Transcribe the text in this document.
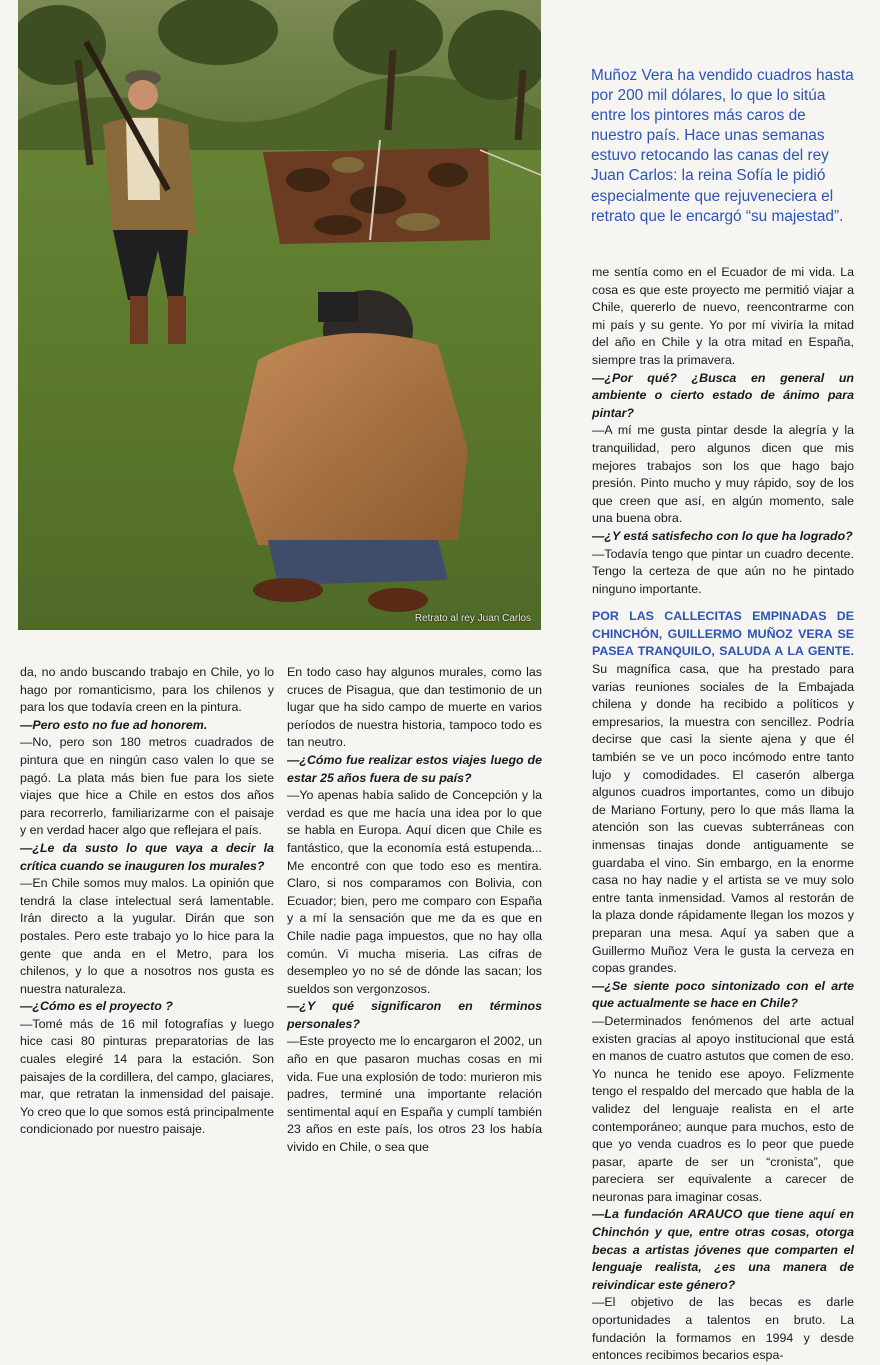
Retrato al rey Juan Carlos
Muñoz Vera ha vendido cuadros hasta por 200 mil dólares, lo que lo sitúa entre los pintores más caros de nuestro país. Hace unas semanas estuvo retocando las canas del rey Juan Carlos: la reina Sofía le pidió especialmente que rejuveneciera el retrato que le encargó “su majestad”.

da, no ando buscando trabajo en Chile, yo lo hago por romanticismo, para los chilenos y para los que todavía creen en la pintura.

—Pero esto no fue ad honorem.

—No, pero son 180 metros cuadrados de pintura que en ningún caso valen lo que se pagó. La plata más bien fue para los siete viajes que hice a Chile en estos dos años para recorrerlo, familiarizarme con el paisaje y en verdad hacer algo que reflejara el país.

—¿Le da susto lo que vaya a decir la crítica cuando se inauguren los murales?

—En Chile somos muy malos. La opinión que tendrá la clase intelectual será lamentable. Irán directo a la yugular. Dirán que son postales. Pero este trabajo yo lo hice para la gente que anda en el Metro, para los chilenos, y lo que a nosotros nos gusta es nuestra naturaleza.

—¿Cómo es el proyecto ?

—Tomé más de 16 mil fotografías y luego hice casi 80 pinturas preparatorias de las cuales elegiré 14 para la estación. Son paisajes de la cordillera, del campo, glaciares, mar, que retratan la inmensidad del paisaje. Yo creo que lo que somos está principalmente condicionado por nuestro paisaje.

En todo caso hay algunos murales, como las cruces de Pisagua, que dan testimonio de un lugar que ha sido campo de muerte en varios períodos de nuestra historia, tampoco todo es tan neutro.

—¿Cómo fue realizar estos viajes luego de estar 25 años fuera de su país?

—Yo apenas había salido de Concepción y la verdad es que me hacía una idea por lo que se habla en Europa. Aquí dicen que Chile es fantástico, que la economía está estupenda... Me encontré con que todo eso es mentira. Claro, si nos comparamos con Bolivia, con Ecuador; bien, pero me comparo con España y a mí la sensación que me da es que en Chile nadie paga impuestos, que no hay olla común. Vi mucha miseria. Las cifras de desempleo yo no sé de dónde las sacan; los sueldos son vergonzosos.

—¿Y qué significaron en términos personales?

—Este proyecto me lo encargaron el 2002, un año en que pasaron muchas cosas en mi vida. Fue una explosión de todo: murieron mis padres, terminé una importante relación sentimental aquí en España y cumplí también 23 años en este país, los otros 23 los había vivido en Chile, o sea que

me sentía como en el Ecuador de mi vida. La cosa es que este proyecto me permitió viajar a Chile, quererlo de nuevo, reencontrarme con mi país y su gente. Yo por mí viviría la mitad del año en Chile y la otra mitad en España, siempre tras la primavera.

—¿Por qué? ¿Busca en general un ambiente o cierto estado de ánimo para pintar?

—A mí me gusta pintar desde la alegría y la tranquilidad, pero algunos dicen que mis mejores trabajos son los que hago bajo presión. Pinto mucho y muy rápido, soy de los que creen que así, en algún momento, sale una buena obra.

—¿Y está satisfecho con lo que ha logrado?

—Todavía tengo que pintar un cuadro decente. Tengo la certeza de que aún no he pintado ninguno importante.

POR LAS CALLECITAS EMPINADAS DE CHINCHÓN, GUILLERMO MUÑOZ VERA SE PASEA TRANQUILO, SALUDA A LA GENTE. Su magnífica casa, que ha prestado para varias reuniones sociales de la Embajada chilena y donde ha recibido a políticos y empresarios, la muestra con sencillez. Podría decirse que casi la siente ajena y que él también se ve un poco incómodo entre tanto lujo y comodidades. El caserón alberga algunos cuadros importantes, como un dibujo de Mariano Fortuny, pero lo que más llama la atención son las cuevas subterráneas con inmensas tinajas donde antiguamente se guardaba el vino. Sin embargo, en la enorme casa no hay nadie y el artista se ve muy solo entre tanta inmensidad. Vamos al restorán de la plaza donde rápidamente llegan los mozos y preparan una mesa. Aquí ya saben que a Guillermo Muñoz Vera le gusta la cerveza en copas grandes.

—¿Se siente poco sintonizado con el arte que actualmente se hace en Chile?

—Determinados fenómenos del arte actual existen gracias al apoyo institucional que está en manos de cuatro astutos que comen de eso. Yo nunca he tenido ese apoyo. Felizmente tengo el respaldo del mercado que habla de la validez del lenguaje realista en el arte contemporáneo; aunque para muchos, esto de que yo venda cuadros es lo peor que puede pasar, aparte de ser un “cronista”, que pareciera ser equivalente a carecer de neuronas para imaginar cosas.

—La fundación ARAUCO que tiene aquí en Chinchón y que, entre otras cosas, otorga becas a artistas jóvenes que comparten el lenguaje realista, ¿es una manera de reivindicar este género?

—El objetivo de las becas es darle oportunidades a talentos en bruto. La fundación la formamos en 1994 y desde entonces recibimos becarios espa-
